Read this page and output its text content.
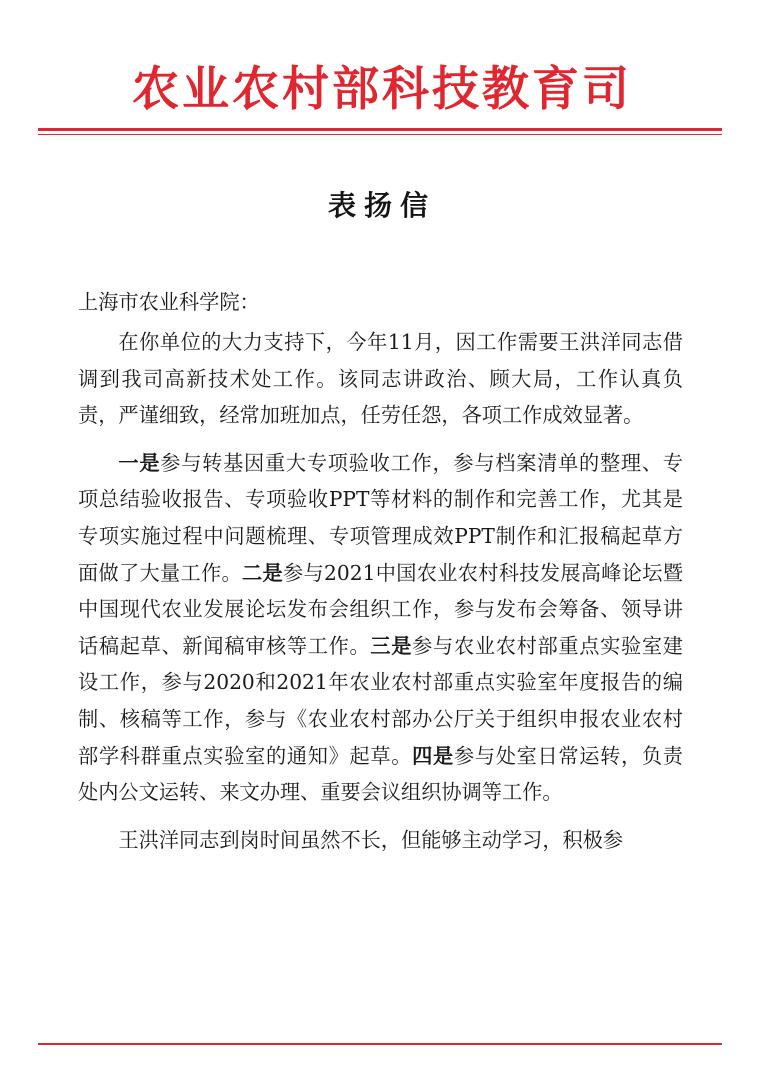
农业农村部科技教育司
表扬信

上海市农业科学院：

在你单位的大力支持下，今年11月，因工作需要王洪洋同志借调到我司高新技术处工作。该同志讲政治、顾大局，工作认真负责，严谨细致，经常加班加点，任劳任怨，各项工作成效显著。

一是参与转基因重大专项验收工作，参与档案清单的整理、专项总结验收报告、专项验收PPT等材料的制作和完善工作，尤其是专项实施过程中问题梳理、专项管理成效PPT制作和汇报稿起草方面做了大量工作。二是参与2021中国农业农村科技发展高峰论坛暨中国现代农业发展论坛发布会组织工作，参与发布会筹备、领导讲话稿起草、新闻稿审核等工作。三是参与农业农村部重点实验室建设工作，参与2020和2021年农业农村部重点实验室年度报告的编制、核稿等工作，参与《农业农村部办公厅关于组织申报农业农村部学科群重点实验室的通知》起草。四是参与处室日常运转，负责处内公文运转、来文办理、重要会议组织协调等工作。

王洪洋同志到岗时间虽然不长，但能够主动学习，积极参
